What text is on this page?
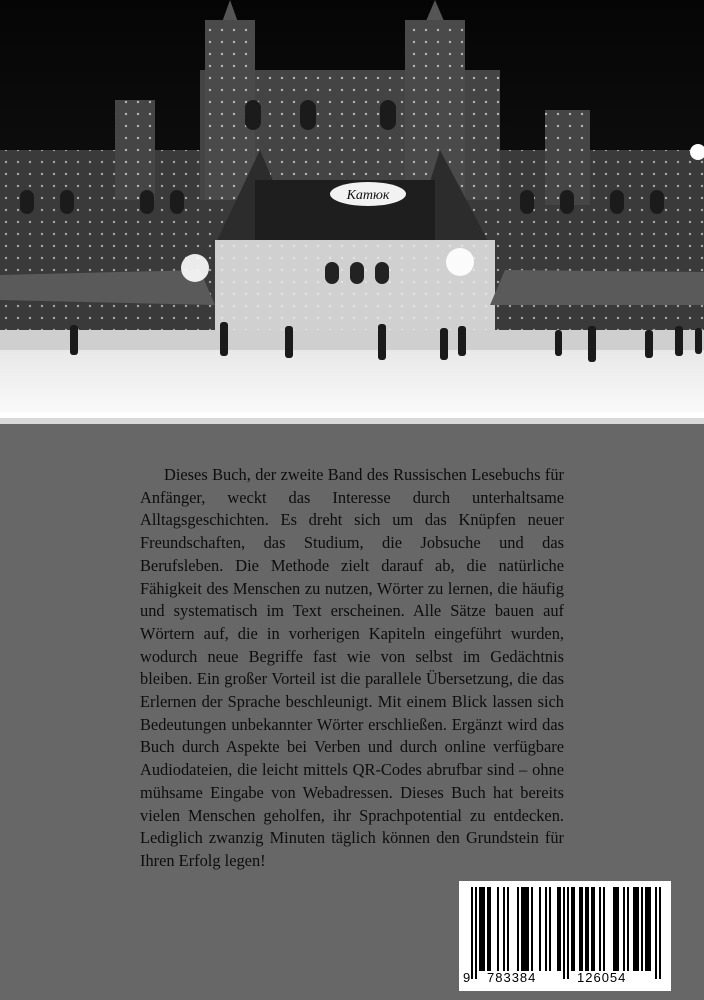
Катюк

Dieses Buch, der zweite Band des Russischen Lesebuchs für Anfänger, weckt das Interesse durch unterhaltsame Alltagsgeschichten. Es dreht sich um das Knüpfen neuer Freundschaften, das Studium, die Jobsuche und das Berufsleben. Die Methode zielt darauf ab, die natürliche Fähigkeit des Menschen zu nutzen, Wörter zu lernen, die häufig und systematisch im Text erscheinen. Alle Sätze bauen auf Wörtern auf, die in vorherigen Kapiteln eingeführt wurden, wodurch neue Begriffe fast wie von selbst im Gedächtnis bleiben. Ein großer Vorteil ist die parallele Übersetzung, die das Erlernen der Sprache beschleunigt. Mit einem Blick lassen sich Bedeutungen unbekannter Wörter erschließen. Ergänzt wird das Buch durch Aspekte bei Verben und durch online verfügbare Audiodateien, die leicht mittels QR-Codes abrufbar sind – ohne mühsame Eingabe von Webadressen. Dieses Buch hat bereits vielen Menschen geholfen, ihr Sprachpotential zu entdecken. Lediglich zwanzig Minuten täglich können den Grundstein für Ihren Erfolg legen!

9 783384	126054
